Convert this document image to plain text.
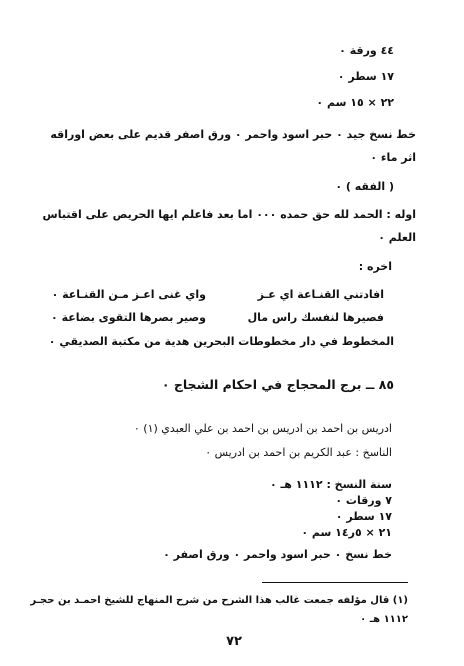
٤٤ ورقة ٠
١٧ سطر ٠
٢٢ × ١٥ سم ٠
خط نسخ جيد ٠ حبر اسود واحمر ٠ ورق اصفر قديم على بعض اوراقه
اثر ماء ٠
( الفقه ) ٠
اوله : الحمد لله حق حمده ٠٠٠ اما بعد فاعلم ايها الحريص على اقتباس
العلم ٠
اخره :
افادتني القنـاعة اي عـز
واي غنى اعـز مـن القنـاعة ٠
فصيرها لنفسك راس مال
وصير بصرها التقوى بضاعة ٠
المخطوط في دار مخطوطات البحرين هدية من مكتبة الصديقي ٠
٨٥ ــ برج المحجاج في احكام الشجاج ٠
ادريس بن احمد بن ادريس بن احمد بن علي العبدي (١) ٠
الناسخ : عبد الكريم بن احمد بن ادريس ٠
سنة النسخ : ١١١٢ هـ ٠
٧ ورقات ٠
١٧ سطر ٠
٢١ × ٥ر١٤ سم ٠
خط نسخ ٠ حبر اسود واحمر ٠ ورق اصفر ٠
(١) قال مؤلفه جمعت غالب هذا الشرح من شرح المنهاج للشيخ احمـد بن حجـر
١١١٢ هـ ٠
٧٢
